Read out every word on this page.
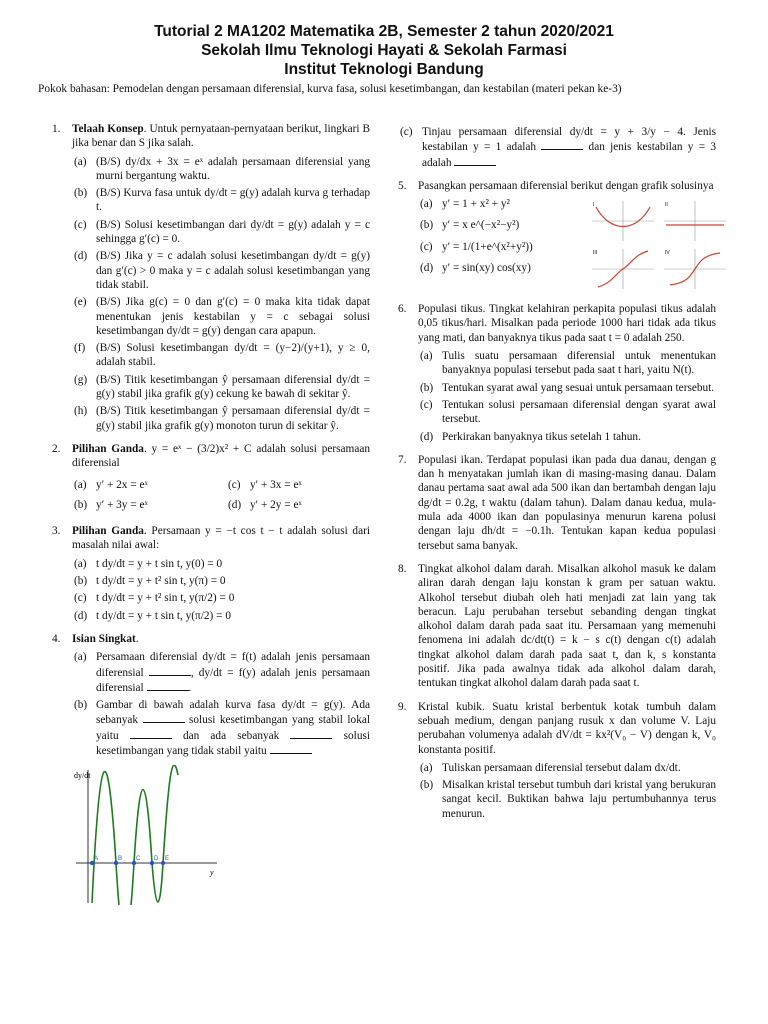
Tutorial 2 MA1202 Matematika 2B, Semester 2 tahun 2020/2021
Sekolah Ilmu Teknologi Hayati & Sekolah Farmasi
Institut Teknologi Bandung
Pokok bahasan: Pemodelan dengan persamaan diferensial, kurva fasa, solusi kesetimbangan, dan kestabilan (materi pekan ke-3)
1. Telaah Konsep. Untuk pernyataan-pernyataan berikut, lingkari B jika benar dan S jika salah.
(a) (B/S) dy/dx + 3x = eˣ adalah persamaan diferensial yang murni bergantung waktu.
(b) (B/S) Kurva fasa untuk dy/dt = g(y) adalah kurva g terhadap t.
(c) (B/S) Solusi kesetimbangan dari dy/dt = g(y) adalah y = c sehingga g′(c) = 0.
(d) (B/S) Jika y = c adalah solusi kesetimbangan dy/dt = g(y) dan g′(c) > 0 maka y = c adalah solusi kesetimbangan yang tidak stabil.
(e) (B/S) Jika g(c) = 0 dan g′(c) = 0 maka kita tidak dapat menentukan jenis kestabilan y = c sebagai solusi kesetimbangan dy/dt = g(y) dengan cara apapun.
(f) (B/S) Solusi kesetimbangan dy/dt = (y−2)/(y+1), y ≥ 0, adalah stabil.
(g) (B/S) Titik kesetimbangan ŷ persamaan diferensial dy/dt = g(y) stabil jika grafik g(y) cekung ke bawah di sekitar ŷ.
(h) (B/S) Titik kesetimbangan ŷ persamaan diferensial dy/dt = g(y) stabil jika grafik g(y) monoton turun di sekitar ŷ.
2. Pilihan Ganda. y = eˣ − (3/2)x² + C adalah solusi persamaan diferensial
(a) y′ + 2x = eˣ	(c) y′ + 3x = eˣ
(b) y′ + 3y = eˣ	(d) y′ + 2y = eˣ
3. Pilihan Ganda. Persamaan y = −t cos t − t adalah solusi dari masalah nilai awal:
(a) t dy/dt = y + t sin t, y(0) = 0
(b) t dy/dt = y + t² sin t, y(π) = 0
(c) t dy/dt = y + t² sin t, y(π/2) = 0
(d) t dy/dt = y + t sin t, y(π/2) = 0
4. Isian Singkat.
(a) Persamaan diferensial dy/dt = f(t) adalah jenis persamaan diferensial	, dy/dt = f(y) adalah jenis persamaan diferensial	.
(b) Gambar di bawah adalah kurva fasa dy/dt = g(y). Ada sebanyak	solusi kesetimbangan yang stabil lokal yaitu	dan ada sebanyak	solusi kesetimbangan yang tidak stabil yaitu
A	B C D E
dy/dt
y
(c) Tinjau persamaan diferensial dy/dt = y + 3/y − 4. Jenis kestabilan y = 1 adalah	dan jenis kestabilan y = 3 adalah
5. Pasangkan persamaan diferensial berikut dengan grafik solusinya
(a) y′ = 1 + x² + y²
(b) y′ = x e^(−x²−y²)
(c) y′ = 1/(1+e^(x²+y²))
(d) y′ = sin(xy) cos(xy)
I	II
III	IV
6. Populasi tikus. Tingkat kelahiran perkapita populasi tikus adalah 0,05 tikus/hari. Misalkan pada periode 1000 hari tidak ada tikus yang mati, dan banyaknya tikus pada saat t = 0 adalah 250.
(a) Tulis suatu persamaan diferensial untuk menentukan banyaknya populasi tersebut pada saat t hari, yaitu N(t).
(b) Tentukan syarat awal yang sesuai untuk persamaan tersebut.
(c) Tentukan solusi persamaan diferensial dengan syarat awal tersebut.
(d) Perkirakan banyaknya tikus setelah 1 tahun.
7. Populasi ikan. Terdapat populasi ikan pada dua danau, dengan g dan h menyatakan jumlah ikan di masing-masing danau. Dalam danau pertama saat awal ada 500 ikan dan bertambah dengan laju dg/dt = 0.2g, t waktu (dalam tahun). Dalam danau kedua, mula-mula ada 4000 ikan dan populasinya menurun karena polusi dengan laju dh/dt = −0.1h. Tentukan kapan kedua populasi tersebut sama banyak.
8. Tingkat alkohol dalam darah. Misalkan alkohol masuk ke dalam aliran darah dengan laju konstan k gram per satuan waktu. Alkohol tersebut diubah oleh hati menjadi zat lain yang tak beracun. Laju perubahan tersebut sebanding dengan tingkat alkohol dalam darah pada saat itu. Persamaan yang memenuhi fenomena ini adalah dc/dt(t) = k − s c(t) dengan c(t) adalah tingkat alkohol dalam darah pada saat t, dan k, s konstanta positif. Jika pada awalnya tidak ada alkohol dalam darah, tentukan tingkat alkohol dalam darah pada saat t.
9. Kristal kubik. Suatu kristal berbentuk kotak tumbuh dalam sebuah medium, dengan panjang rusuk x dan volume V. Laju perubahan volumenya adalah dV/dt = kx²(V₀ − V) dengan k, V₀ konstanta positif.
(a) Tuliskan persamaan diferensial tersebut dalam dx/dt.
(b) Misalkan kristal tersebut tumbuh dari kristal yang berukuran sangat kecil. Buktikan bahwa laju pertumbuhannya terus menurun.
